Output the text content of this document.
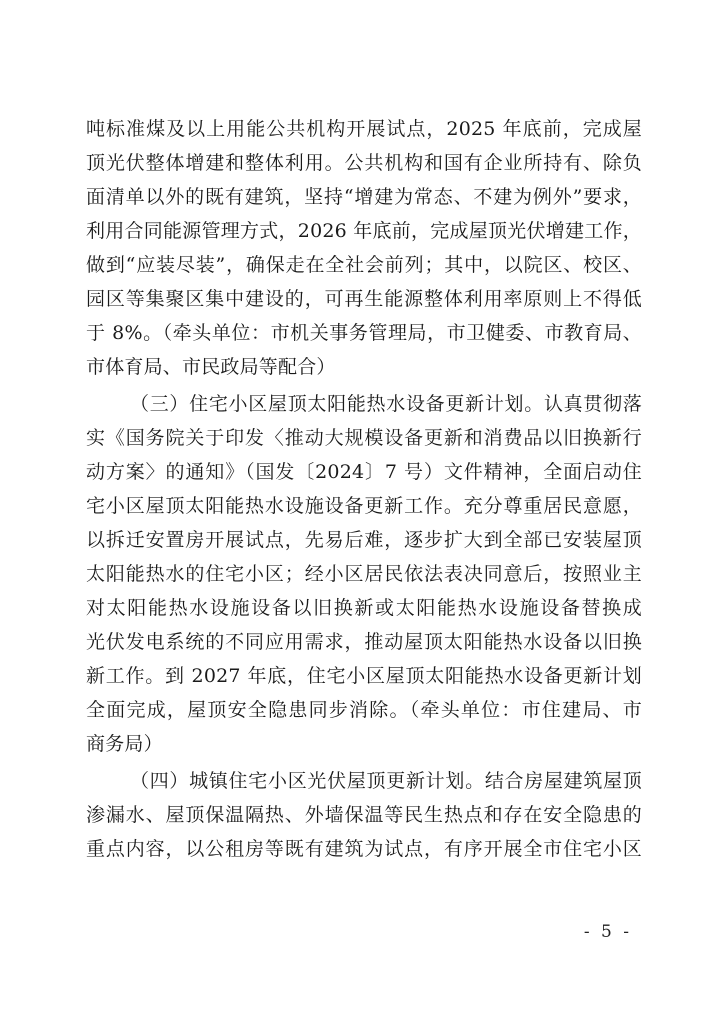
吨标准煤及以上用能公共机构开展试点，2025 年底前，完成屋
顶光伏整体增建和整体利用。公共机构和国有企业所持有、除负
面清单以外的既有建筑，坚持“增建为常态、不建为例外”要求，
利用合同能源管理方式，2026 年底前，完成屋顶光伏增建工作，
做到“应装尽装”，确保走在全社会前列；其中，以院区、校区、
园区等集聚区集中建设的，可再生能源整体利用率原则上不得低
于 8%。（牵头单位：市机关事务管理局，市卫健委、市教育局、
市体育局、市民政局等配合）
（三）住宅小区屋顶太阳能热水设备更新计划。认真贯彻落
实《国务院关于印发〈推动大规模设备更新和消费品以旧换新行
动方案〉的通知》（国发〔2024〕7 号）文件精神，全面启动住
宅小区屋顶太阳能热水设施设备更新工作。充分尊重居民意愿，
以拆迁安置房开展试点，先易后难，逐步扩大到全部已安装屋顶
太阳能热水的住宅小区；经小区居民依法表决同意后，按照业主
对太阳能热水设施设备以旧换新或太阳能热水设施设备替换成
光伏发电系统的不同应用需求，推动屋顶太阳能热水设备以旧换
新工作。到 2027 年底，住宅小区屋顶太阳能热水设备更新计划
全面完成，屋顶安全隐患同步消除。（牵头单位：市住建局、市
商务局）
（四）城镇住宅小区光伏屋顶更新计划。结合房屋建筑屋顶
渗漏水、屋顶保温隔热、外墙保温等民生热点和存在安全隐患的
重点内容，以公租房等既有建筑为试点，有序开展全市住宅小区
- 5 -
